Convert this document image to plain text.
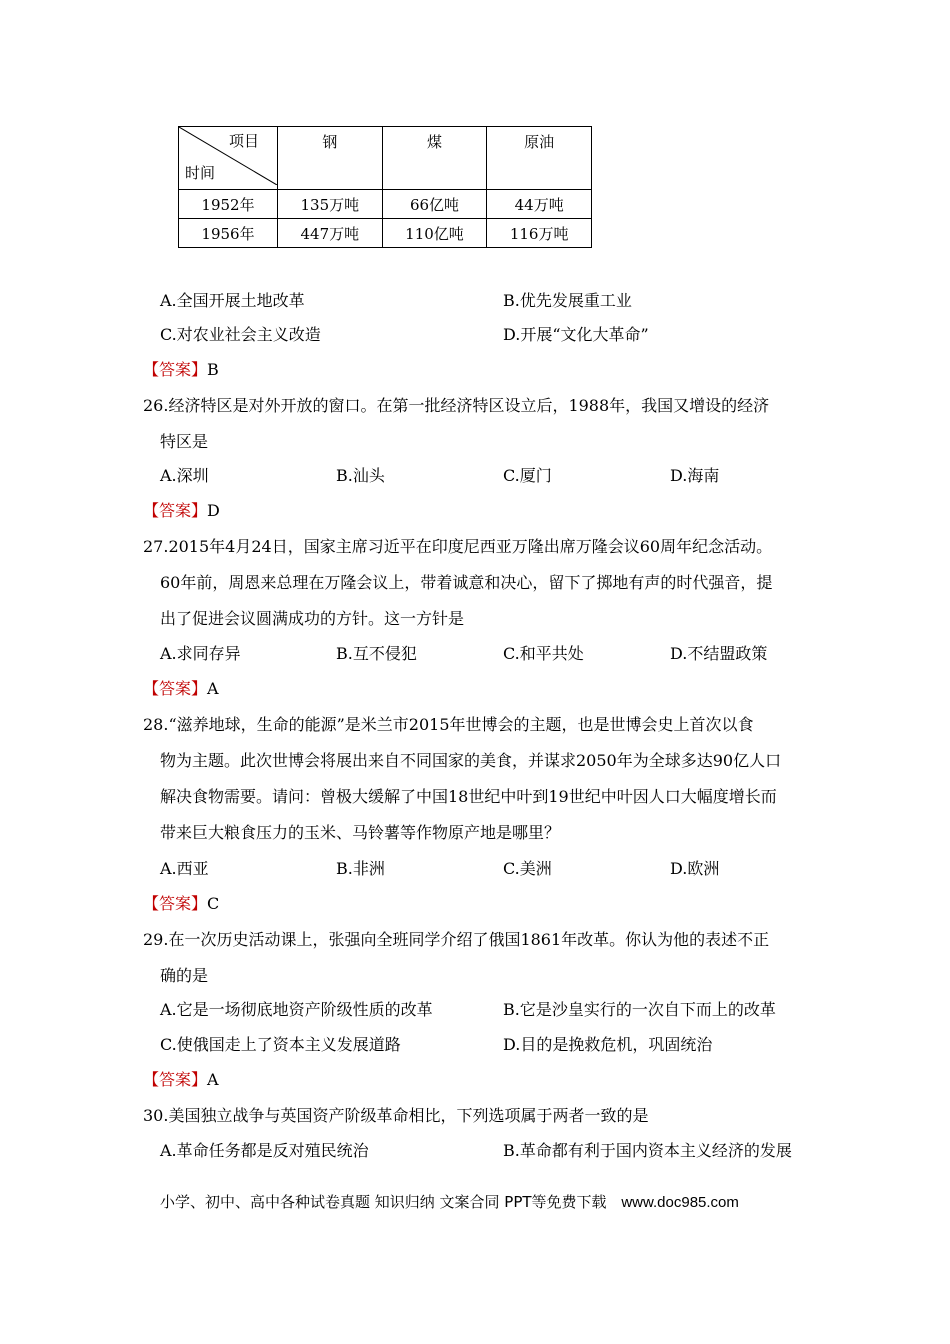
项目
时间	钢	煤	原油
1952年	135万吨	66亿吨	44万吨
1956年	447万吨	110亿吨	116万吨
A.全国开展土地改革	B.优先发展重工业
C.对农业社会主义改造	D.开展“文化大革命”
【答案】B
26.经济特区是对外开放的窗口。在第一批经济特区设立后，1988年，我国又增设的经济
特区是
A.深圳	B.汕头	C.厦门	D.海南
【答案】D
27.2015年4月24日，国家主席习近平在印度尼西亚万隆出席万隆会议60周年纪念活动。
60年前，周恩来总理在万隆会议上，带着诚意和决心，留下了掷地有声的时代强音，提
出了促进会议圆满成功的方针。这一方针是
A.求同存异	B.互不侵犯	C.和平共处	D.不结盟政策
【答案】A
28.“滋养地球，生命的能源”是米兰市2015年世博会的主题，也是世博会史上首次以食
物为主题。此次世博会将展出来自不同国家的美食，并谋求2050年为全球多达90亿人口
解决食物需要。请问：曾极大缓解了中国18世纪中叶到19世纪中叶因人口大幅度增长而
带来巨大粮食压力的玉米、马铃薯等作物原产地是哪里？
A.西亚	B.非洲	C.美洲	D.欧洲
【答案】C
29.在一次历史活动课上，张强向全班同学介绍了俄国1861年改革。你认为他的表述不正
确的是
A.它是一场彻底地资产阶级性质的改革	B.它是沙皇实行的一次自下而上的改革
C.使俄国走上了资本主义发展道路	D.目的是挽救危机，巩固统治
【答案】A
30.美国独立战争与英国资产阶级革命相比，下列选项属于两者一致的是
A.革命任务都是反对殖民统治	B.革命都有利于国内资本主义经济的发展
小学、初中、高中各种试卷真题 知识归纳 文案合同 PPT等免费下载 www.doc985.com
